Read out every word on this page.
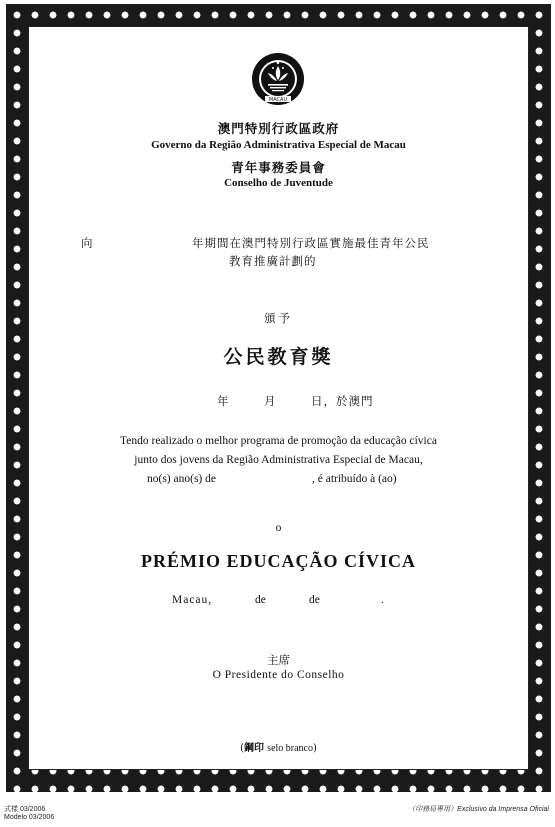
MACAU
澳門特別行政區政府
Governo da Região Administrativa Especial de Macau
青年事務委員會
Conselho de Juventude
向	年期間在澳門特別行政區實施最佳青年公民
教育推廣計劃的
頒予
公民教育獎
年	月	日，於澳門
Tendo realizado o melhor programa de promoção da educação cívica
junto dos jovens da Região Administrativa Especial de Macau,
no(s) ano(s) de	, é atribuído à (ao)
o
PRÉMIO EDUCAÇÃO CÍVICA
Macau,	de	de	.
主席
O Presidente do Conselho
(鋼印 selo branco)
式樣 03/2006
Modelo 03/2006
（印務局專用）Exclusivo da Imprensa Oficial
